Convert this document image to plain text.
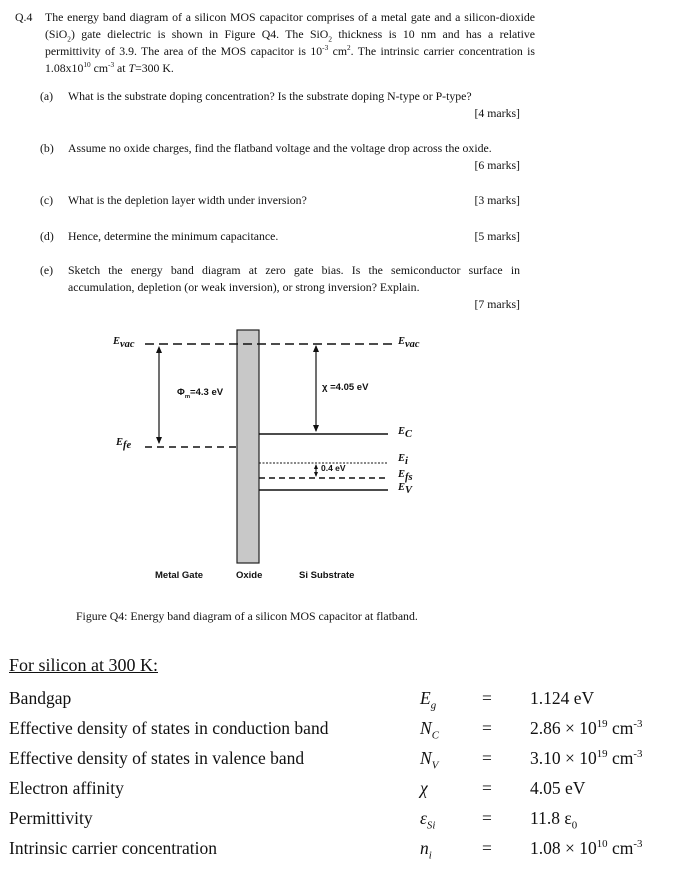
Q.4 The energy band diagram of a silicon MOS capacitor comprises of a metal gate and a silicon-dioxide (SiO$_2$) gate dielectric is shown in Figure Q4. The SiO$_2$ thickness is 10 nm and has a relative permittivity of 3.9. The area of the MOS capacitor is $10^{-3}$ $cm^2$. The intrinsic carrier concentration is $1.08x10^{10}$ $cm^{-3}$ at T=300 K.
(a) What is the substrate doping concentration? Is the substrate doping N-type or P-type?
[4 marks]
(b) Assume no oxide charges, find the flatband voltage and the voltage drop across the oxide.
[6 marks]
(c) What is the depletion layer width under inversion?	[3 marks]
(d) Hence, determine the minimum capacitance.	[5 marks]
(e) Sketch the energy band diagram at zero gate bias. Is the semiconductor surface in accumulation, depletion (or weak inversion), or strong inversion? Explain.
[7 marks]
$E_{vac}$	$E_{vac}$
$E_{fe}$
$\Phi_m=4.3$ eV	χ =4.05 eV
$E_C$
$E_i$
$E_{fs}$
$E_V$
0.4 eV
Metal Gate	Oxide	Si Substrate
Figure Q4: Energy band diagram of a silicon MOS capacitor at flatband.
For silicon at 300 K:
Bandgap	$E_g$	= 1.124 eV
Effective density of states in conduction band	$N_C = 2.86 \times 10^{19}$ $cm^{-3}$
Effective density of states in valence band	$N_V = 3.10 \times 10^{19}$ $cm^{-3}$
Electron affinity	χ	= 4.05 eV
Permittivity	$\varepsilon_{Si}$	= 11.8 $\varepsilon_0$
Intrinsic carrier concentration	$n_i$	= $1.08 \times 10^{10}$ $cm^{-3}$
